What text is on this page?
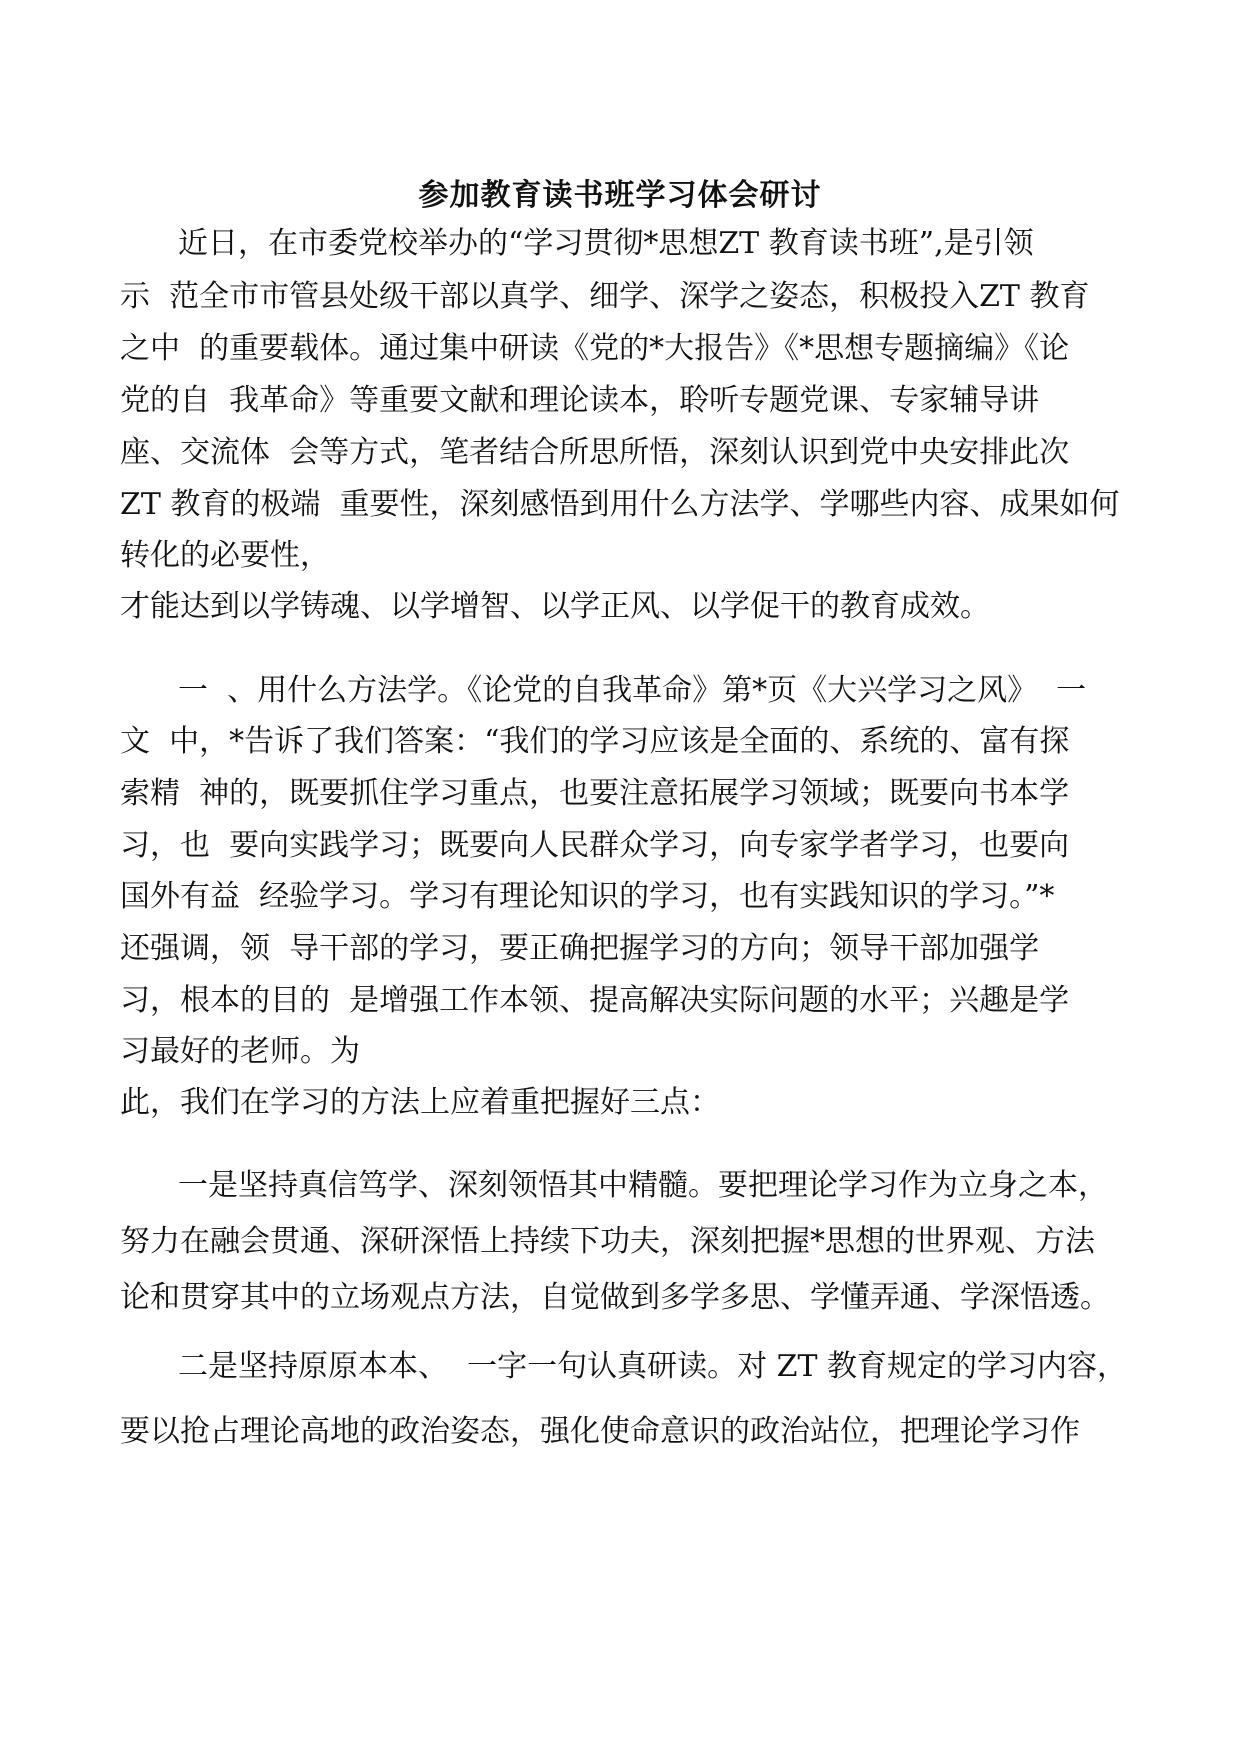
参加教育读书班学习体会研讨

近日，在市委党校举办的“学习贯彻*思想ZT 教育读书班”,是引领

示  范全市市管县处级干部以真学、细学、深学之姿态，积极投入ZT 教育

之中  的重要载体。通过集中研读《党的*大报告》《*思想专题摘编》《论

党的自  我革命》等重要文献和理论读本，聆听专题党课、专家辅导讲

座、交流体  会等方式，笔者结合所思所悟，深刻认识到党中央安排此次

ZT 教育的极端  重要性，深刻感悟到用什么方法学、学哪些内容、成果如何

转化的必要性，

才能达到以学铸魂、以学增智、以学正风、以学促干的教育成效。

一  、用什么方法学。《论党的自我革命》第*页《大兴学习之风》  一

文  中，*告诉了我们答案：“我们的学习应该是全面的、系统的、富有探

索精  神的，既要抓住学习重点，也要注意拓展学习领域；既要向书本学

习，也  要向实践学习；既要向人民群众学习，向专家学者学习，也要向

国外有益  经验学习。学习有理论知识的学习，也有实践知识的学习。”*

还强调，领  导干部的学习，要正确把握学习的方向；领导干部加强学

习，根本的目的  是增强工作本领、提高解决实际问题的水平；兴趣是学

习最好的老师。为

此，我们在学习的方法上应着重把握好三点：

一是坚持真信笃学、深刻领悟其中精髓。要把理论学习作为立身之本，

努力在融会贯通、深研深悟上持续下功夫，深刻把握*思想的世界观、方法

论和贯穿其中的立场观点方法，自觉做到多学多思、学懂弄通、学深悟透。

二是坚持原原本本、  一字一句认真研读。对 ZT 教育规定的学习内容，

要以抢占理论高地的政治姿态，强化使命意识的政治站位，把理论学习作
